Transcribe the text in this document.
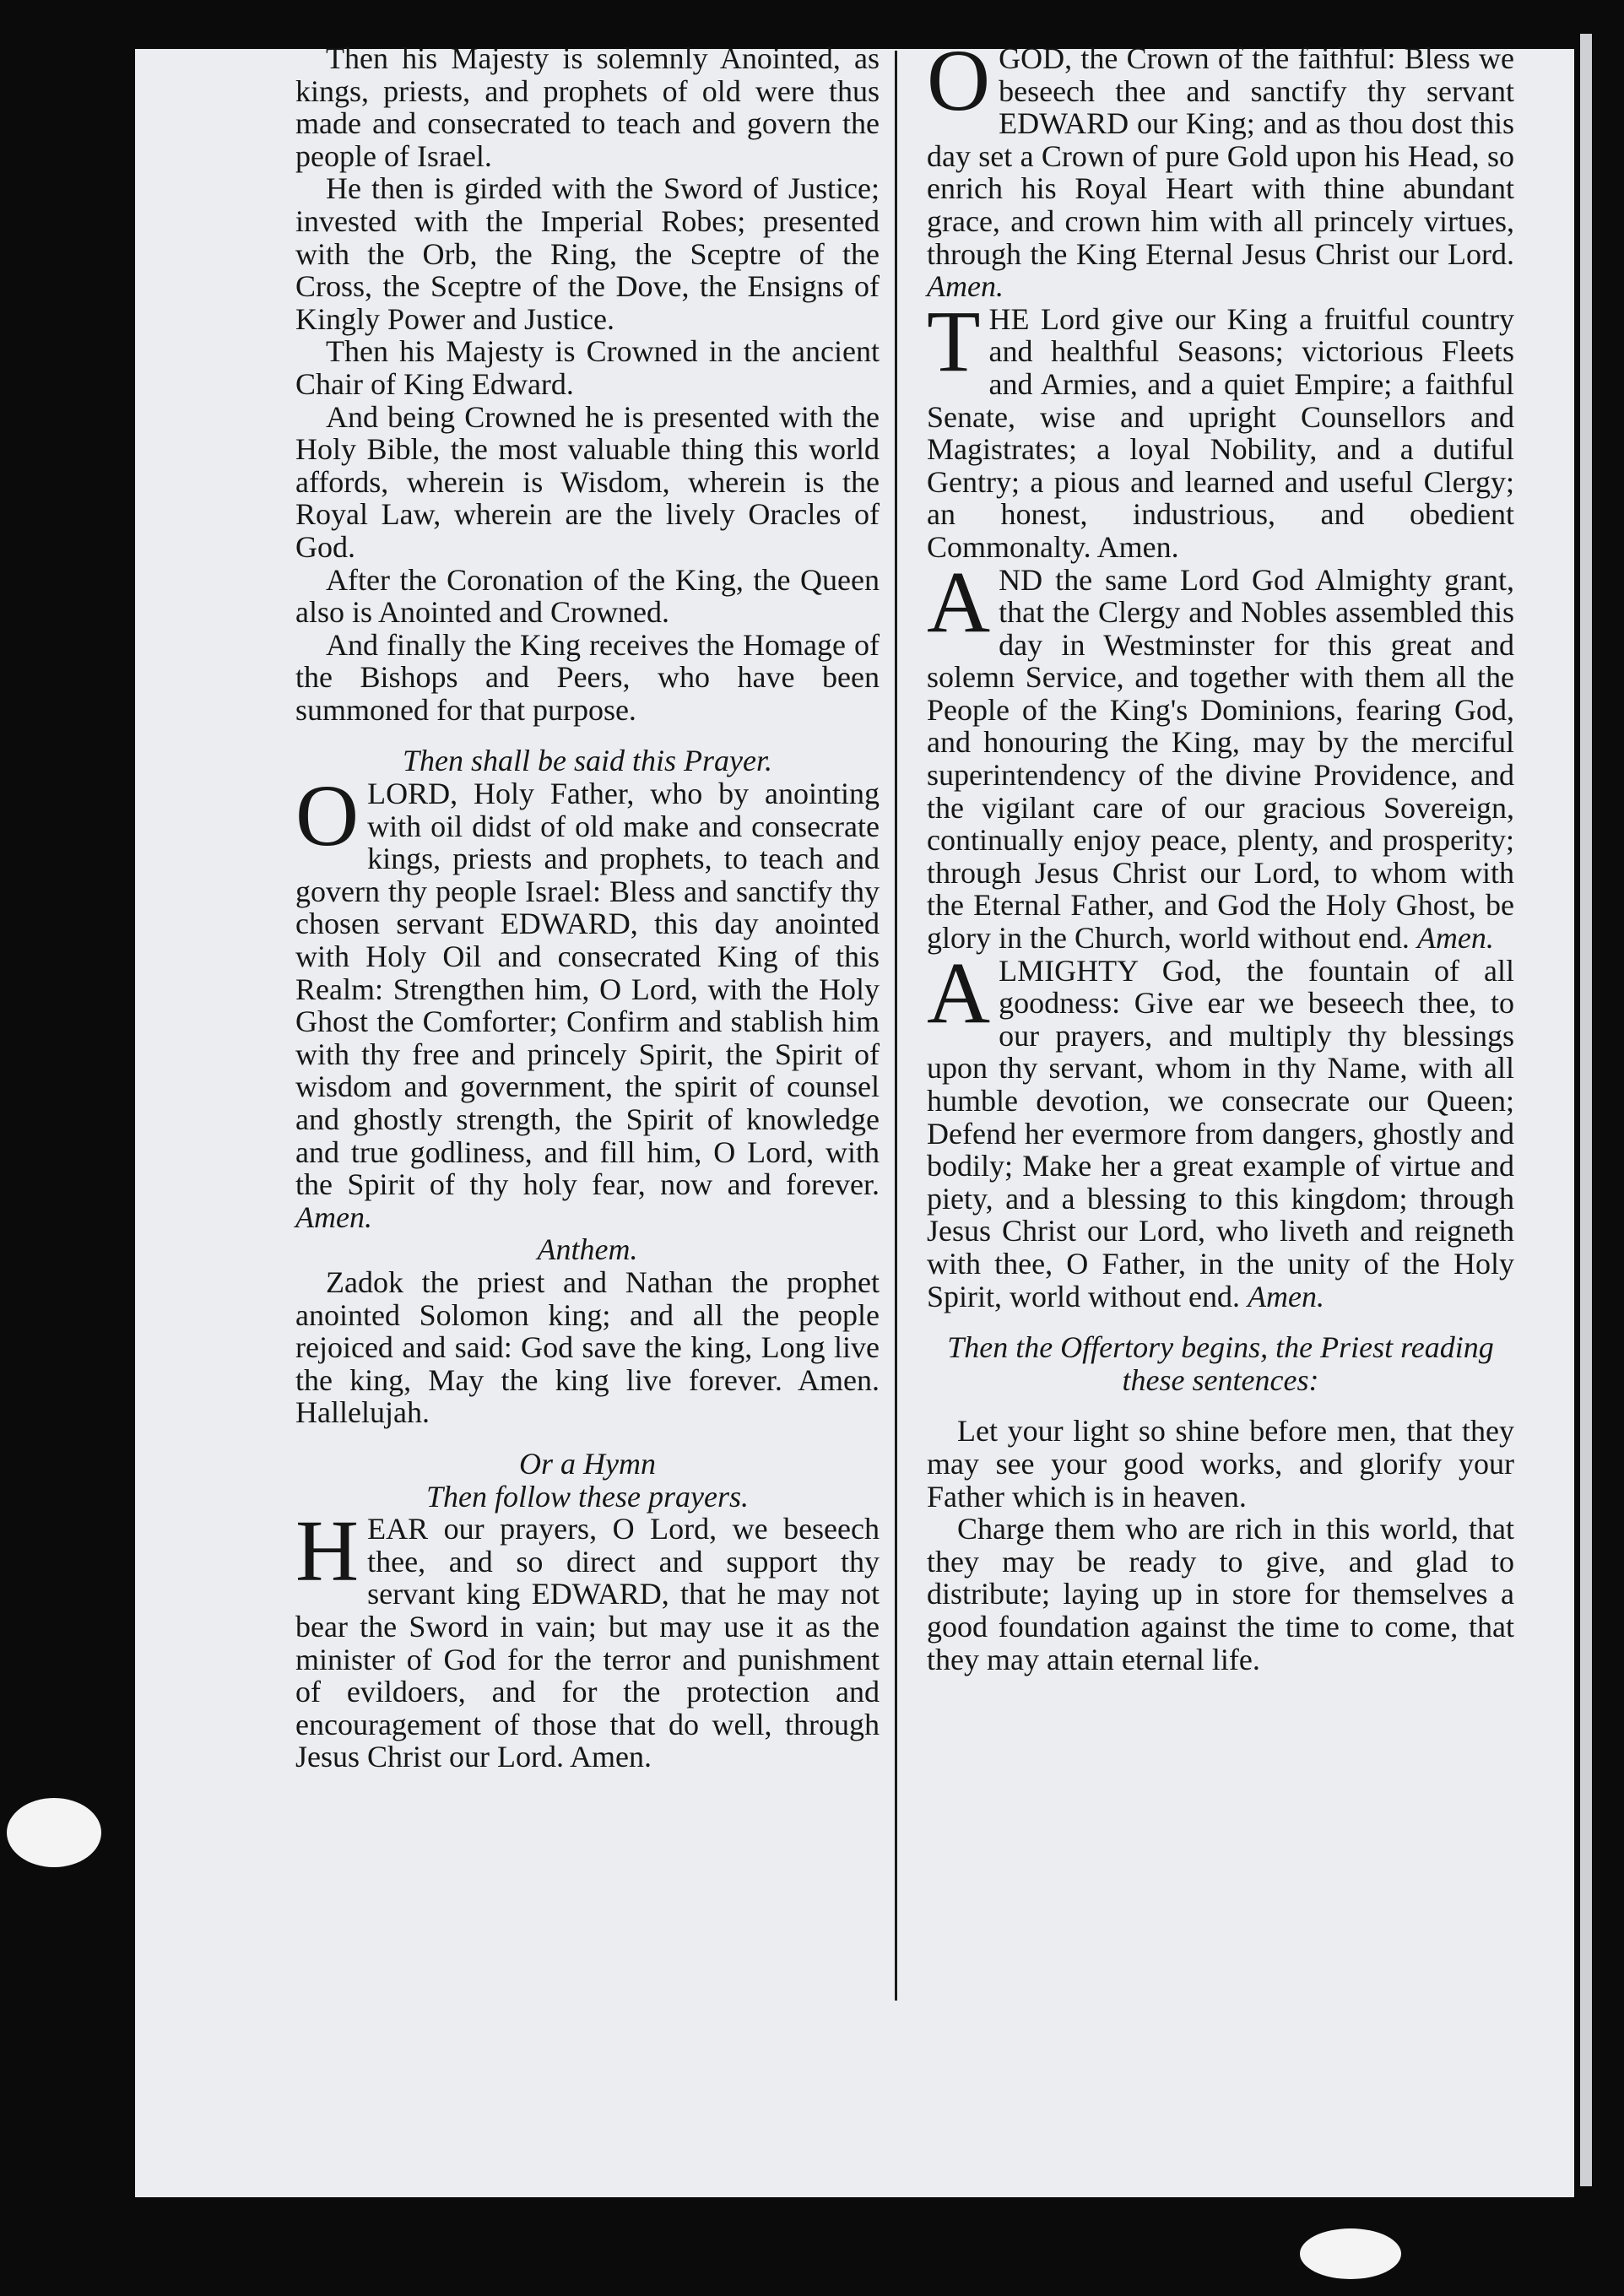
Then his Majesty is solemnly Anointed, as kings, priests, and prophets of old were thus made and consecrated to teach and govern the people of Israel.

He then is girded with the Sword of Justice; invested with the Imperial Robes; presented with the Orb, the Ring, the Sceptre of the Cross, the Sceptre of the Dove, the Ensigns of Kingly Power and Justice.

Then his Majesty is Crowned in the ancient Chair of King Edward.

And being Crowned he is presented with the Holy Bible, the most valuable thing this world affords, wherein is Wisdom, wherein is the Royal Law, wherein are the lively Oracles of God.

After the Coronation of the King, the Queen also is Anointed and Crowned.

And finally the King receives the Homage of the Bishops and Peers, who have been summoned for that purpose.

Then shall be said this Prayer.

O LORD, Holy Father, who by anointing with oil didst of old make and consecrate kings, priests and prophets, to teach and govern thy people Israel: Bless and sanctify thy chosen servant EDWARD, this day anointed with Holy Oil and consecrated King of this Realm: Strengthen him, O Lord, with the Holy Ghost the Comforter; Confirm and stablish him with thy free and princely Spirit, the Spirit of wisdom and government, the spirit of counsel and ghostly strength, the Spirit of knowledge and true godliness, and fill him, O Lord, with the Spirit of thy holy fear, now and forever. Amen.

Anthem.

Zadok the priest and Nathan the prophet anointed Solomon king; and all the people rejoiced and said: God save the king, Long live the king, May the king live forever. Amen. Hallelujah.

Or a Hymn

Then follow these prayers.

H EAR our prayers, O Lord, we beseech thee, and so direct and support thy servant king EDWARD, that he may not bear the Sword in vain; but may use it as the minister of God for the terror and punishment of evildoers, and for the protection and encouragement of those that do well, through Jesus Christ our Lord. Amen.

O GOD, the Crown of the faithful: Bless we beseech thee and sanctify thy servant EDWARD our King; and as thou dost this day set a Crown of pure Gold upon his Head, so enrich his Royal Heart with thine abundant grace, and crown him with all princely virtues, through the King Eternal Jesus Christ our Lord. Amen.

T HE Lord give our King a fruitful country and healthful Seasons; victorious Fleets and Armies, and a quiet Empire; a faithful Senate, wise and upright Counsellors and Magistrates; a loyal Nobility, and a dutiful Gentry; a pious and learned and useful Clergy; an honest, industrious, and obedient Commonalty. Amen.

A ND the same Lord God Almighty grant, that the Clergy and Nobles assembled this day in Westminster for this great and solemn Service, and together with them all the People of the King's Dominions, fearing God, and honouring the King, may by the merciful superintendency of the divine Providence, and the vigilant care of our gracious Sovereign, continually enjoy peace, plenty, and prosperity; through Jesus Christ our Lord, to whom with the Eternal Father, and God the Holy Ghost, be glory in the Church, world without end. Amen.

A LMIGHTY God, the fountain of all goodness: Give ear we beseech thee, to our prayers, and multiply thy blessings upon thy servant, whom in thy Name, with all humble devotion, we consecrate our Queen; Defend her evermore from dangers, ghostly and bodily; Make her a great example of virtue and piety, and a blessing to this kingdom; through Jesus Christ our Lord, who liveth and reigneth with thee, O Father, in the unity of the Holy Spirit, world without end. Amen.

Then the Offertory begins, the Priest reading these sentences:

Let your light so shine before men, that they may see your good works, and glorify your Father which is in heaven.

Charge them who are rich in this world, that they may be ready to give, and glad to distribute; laying up in store for themselves a good foundation against the time to come, that they may attain eternal life.
